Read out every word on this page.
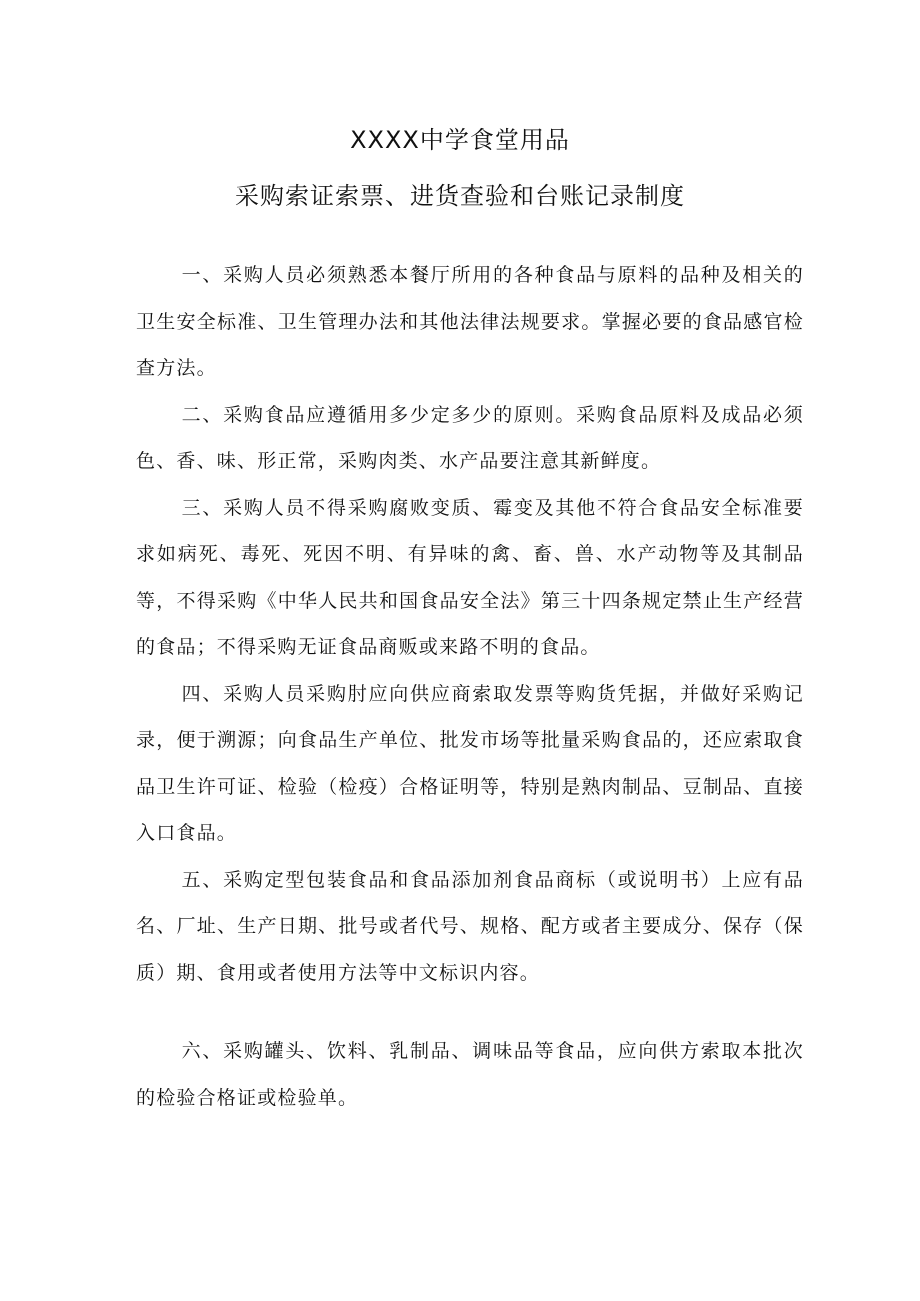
XXXX中学食堂用品
采购索证索票、进货查验和台账记录制度

一、采购人员必须熟悉本餐厅所用的各种食品与原料的品种及相关的卫生安全标准、卫生管理办法和其他法律法规要求。掌握必要的食品感官检查方法。

二、采购食品应遵循用多少定多少的原则。采购食品原料及成品必须色、香、味、形正常，采购肉类、水产品要注意其新鲜度。

三、采购人员不得采购腐败变质、霉变及其他不符合食品安全标准要求如病死、毒死、死因不明、有异味的禽、畜、兽、水产动物等及其制品等，不得采购《中华人民共和国食品安全法》第三十四条规定禁止生产经营的食品；不得采购无证食品商贩或来路不明的食品。

四、采购人员采购肘应向供应商索取发票等购货凭据，并做好采购记录，便于溯源；向食品生产单位、批发市场等批量采购食品的，还应索取食品卫生许可证、检验（检疫）合格证明等，特别是熟肉制品、豆制品、直接入口食品。

五、采购定型包装食品和食品添加剂食品商标（或说明书）上应有品名、厂址、生产日期、批号或者代号、规格、配方或者主要成分、保存（保质）期、食用或者使用方法等中文标识内容。

六、采购罐头、饮料、乳制品、调味品等食品，应向供方索取本批次的检验合格证或检验单。
